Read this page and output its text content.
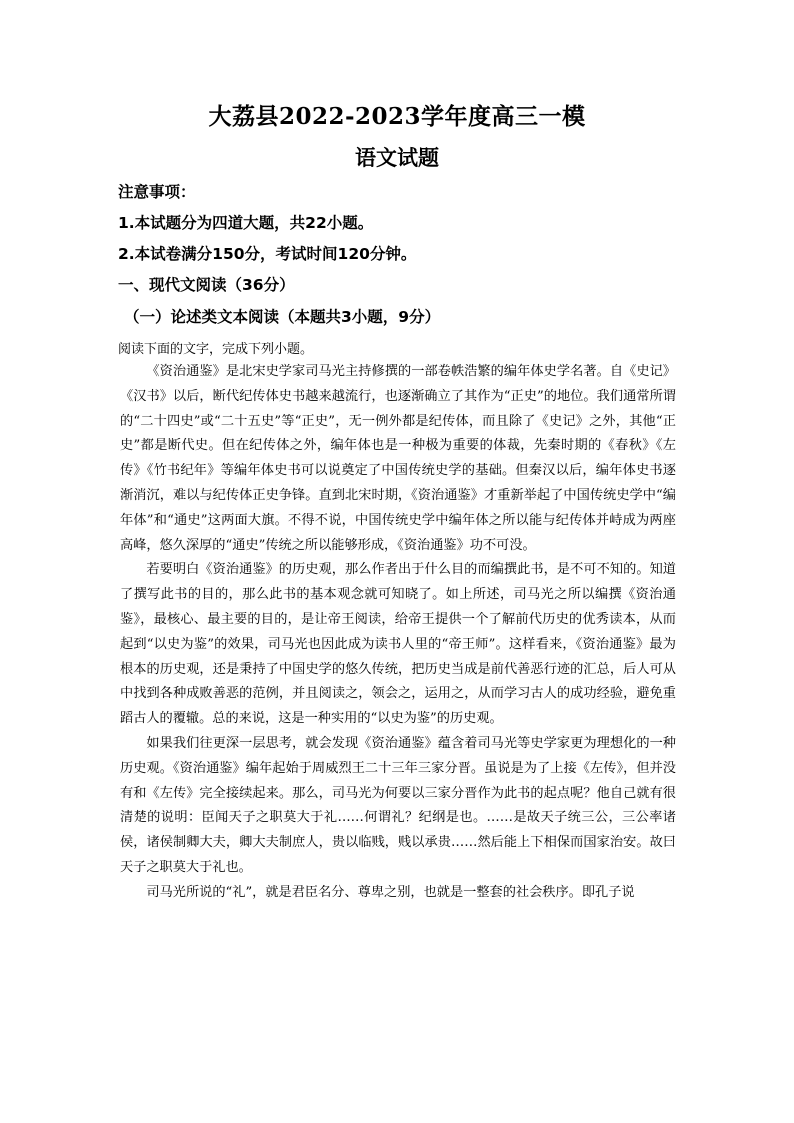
大荔县2022-2023学年度高三一模
语文试题
注意事项：
1.本试题分为四道大题，共22小题。
2.本试卷满分150分，考试时间120分钟。
一、现代文阅读（36分）
（一）论述类文本阅读（本题共3小题，9分）
阅读下面的文字，完成下列小题。

《资治通鉴》是北宋史学家司马光主持修撰的一部卷帙浩繁的编年体史学名著。自《史记》《汉书》以后，断代纪传体史书越来越流行，也逐渐确立了其作为“正史”的地位。我们通常所谓的“二十四史”或“二十五史”等“正史”，无一例外都是纪传体，而且除了《史记》之外，其他“正史”都是断代史。但在纪传体之外，编年体也是一种极为重要的体裁，先秦时期的《春秋》《左传》《竹书纪年》等编年体史书可以说奠定了中国传统史学的基础。但秦汉以后，编年体史书逐渐消沉，难以与纪传体正史争锋。直到北宋时期，《资治通鉴》才重新举起了中国传统史学中“编年体”和“通史”这两面大旗。不得不说，中国传统史学中编年体之所以能与纪传体并峙成为两座高峰，悠久深厚的“通史”传统之所以能够形成，《资治通鉴》功不可没。

若要明白《资治通鉴》的历史观，那么作者出于什么目的而编撰此书，是不可不知的。知道了撰写此书的目的，那么此书的基本观念就可知晓了。如上所述，司马光之所以编撰《资治通鉴》，最核心、最主要的目的，是让帝王阅读，给帝王提供一个了解前代历史的优秀读本，从而起到“以史为鉴”的效果，司马光也因此成为读书人里的“帝王师”。这样看来，《资治通鉴》最为根本的历史观，还是秉持了中国史学的悠久传统，把历史当成是前代善恶行迹的汇总，后人可从中找到各种成败善恶的范例，并且阅读之，领会之，运用之，从而学习古人的成功经验，避免重蹈古人的覆辙。总的来说，这是一种实用的“以史为鉴”的历史观。

如果我们往更深一层思考，就会发现《资治通鉴》蕴含着司马光等史学家更为理想化的一种历史观。《资治通鉴》编年起始于周威烈王二十三年三家分晋。虽说是为了上接《左传》，但并没有和《左传》完全接续起来。那么，司马光为何要以三家分晋作为此书的起点呢？他自己就有很清楚的说明：臣闻天子之职莫大于礼……何谓礼？纪纲是也。……是故天子统三公，三公率诸侯，诸侯制卿大夫，卿大夫制庶人，贵以临贱，贱以承贵……然后能上下相保而国家治安。故曰天子之职莫大于礼也。

司马光所说的“礼”，就是君臣名分、尊卑之别，也就是一整套的社会秩序。即孔子说
